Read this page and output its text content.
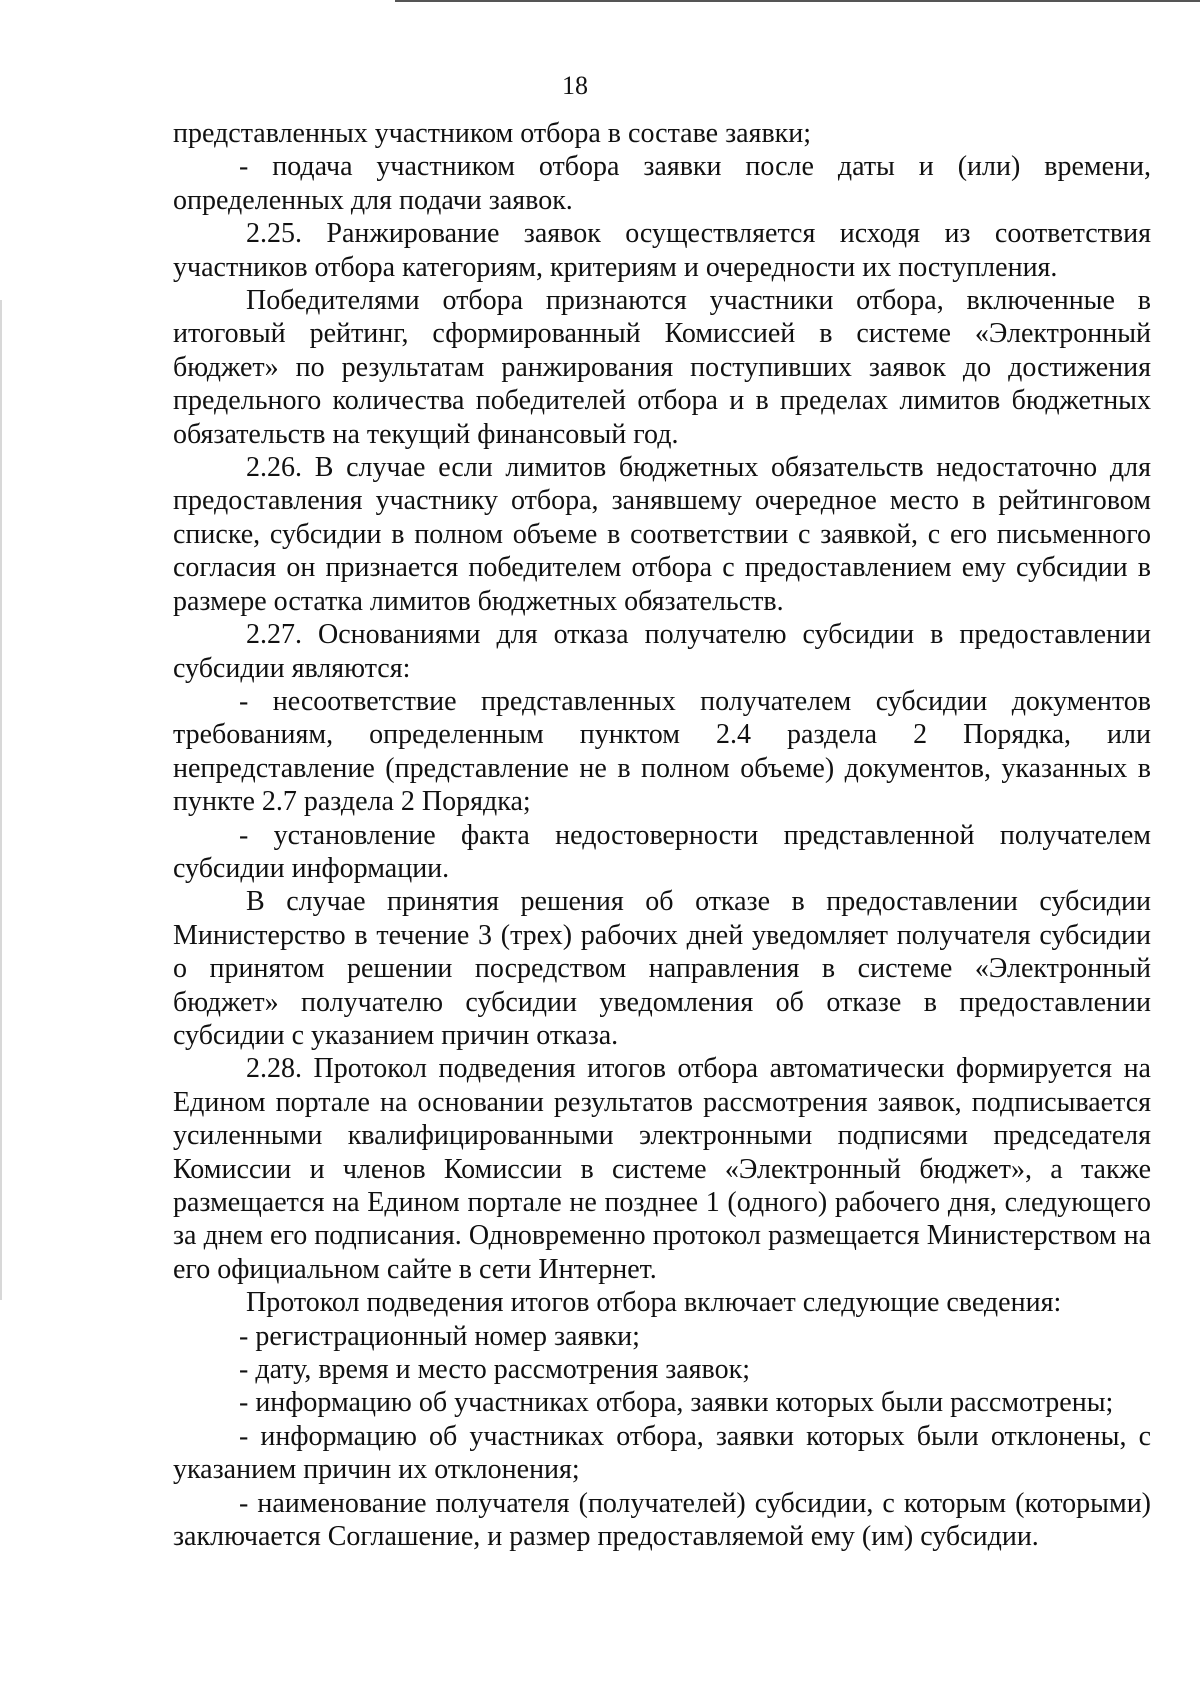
18

представленных участником отбора в составе заявки;

- подача участником отбора заявки после даты и (или) времени, определенных для подачи заявок.

2.25. Ранжирование заявок осуществляется исходя из соответствия участников отбора категориям, критериям и очередности их поступления.

Победителями отбора признаются участники отбора, включенные в итоговый рейтинг, сформированный Комиссией в системе «Электронный бюджет» по результатам ранжирования поступивших заявок до достижения предельного количества победителей отбора и в пределах лимитов бюджетных обязательств на текущий финансовый год.

2.26. В случае если лимитов бюджетных обязательств недостаточно для предоставления участнику отбора, занявшему очередное место в рейтинговом списке, субсидии в полном объеме в соответствии с заявкой, с его письменного согласия он признается победителем отбора с предоставлением ему субсидии в размере остатка лимитов бюджетных обязательств.

2.27. Основаниями для отказа получателю субсидии в предоставлении субсидии являются:

- несоответствие представленных получателем субсидии документов требованиям, определенным пунктом 2.4 раздела 2 Порядка, или непредставление (представление не в полном объеме) документов, указанных в пункте 2.7 раздела 2 Порядка;

- установление факта недостоверности представленной получателем субсидии информации.

В случае принятия решения об отказе в предоставлении субсидии Министерство в течение 3 (трех) рабочих дней уведомляет получателя субсидии о принятом решении посредством направления в системе «Электронный бюджет» получателю субсидии уведомления об отказе в предоставлении субсидии с указанием причин отказа.

2.28. Протокол подведения итогов отбора автоматически формируется на Едином портале на основании результатов рассмотрения заявок, подписывается усиленными квалифицированными электронными подписями председателя Комиссии и членов Комиссии в системе «Электронный бюджет», а также размещается на Едином портале не позднее 1 (одного) рабочего дня, следующего за днем его подписания. Одновременно протокол размещается Министерством на его официальном сайте в сети Интернет.

Протокол подведения итогов отбора включает следующие сведения:

- регистрационный номер заявки;

- дату, время и место рассмотрения заявок;

- информацию об участниках отбора, заявки которых были рассмотрены;

- информацию об участниках отбора, заявки которых были отклонены, с указанием причин их отклонения;

- наименование получателя (получателей) субсидии, с которым (которыми) заключается Соглашение, и размер предоставляемой ему (им) субсидии.
